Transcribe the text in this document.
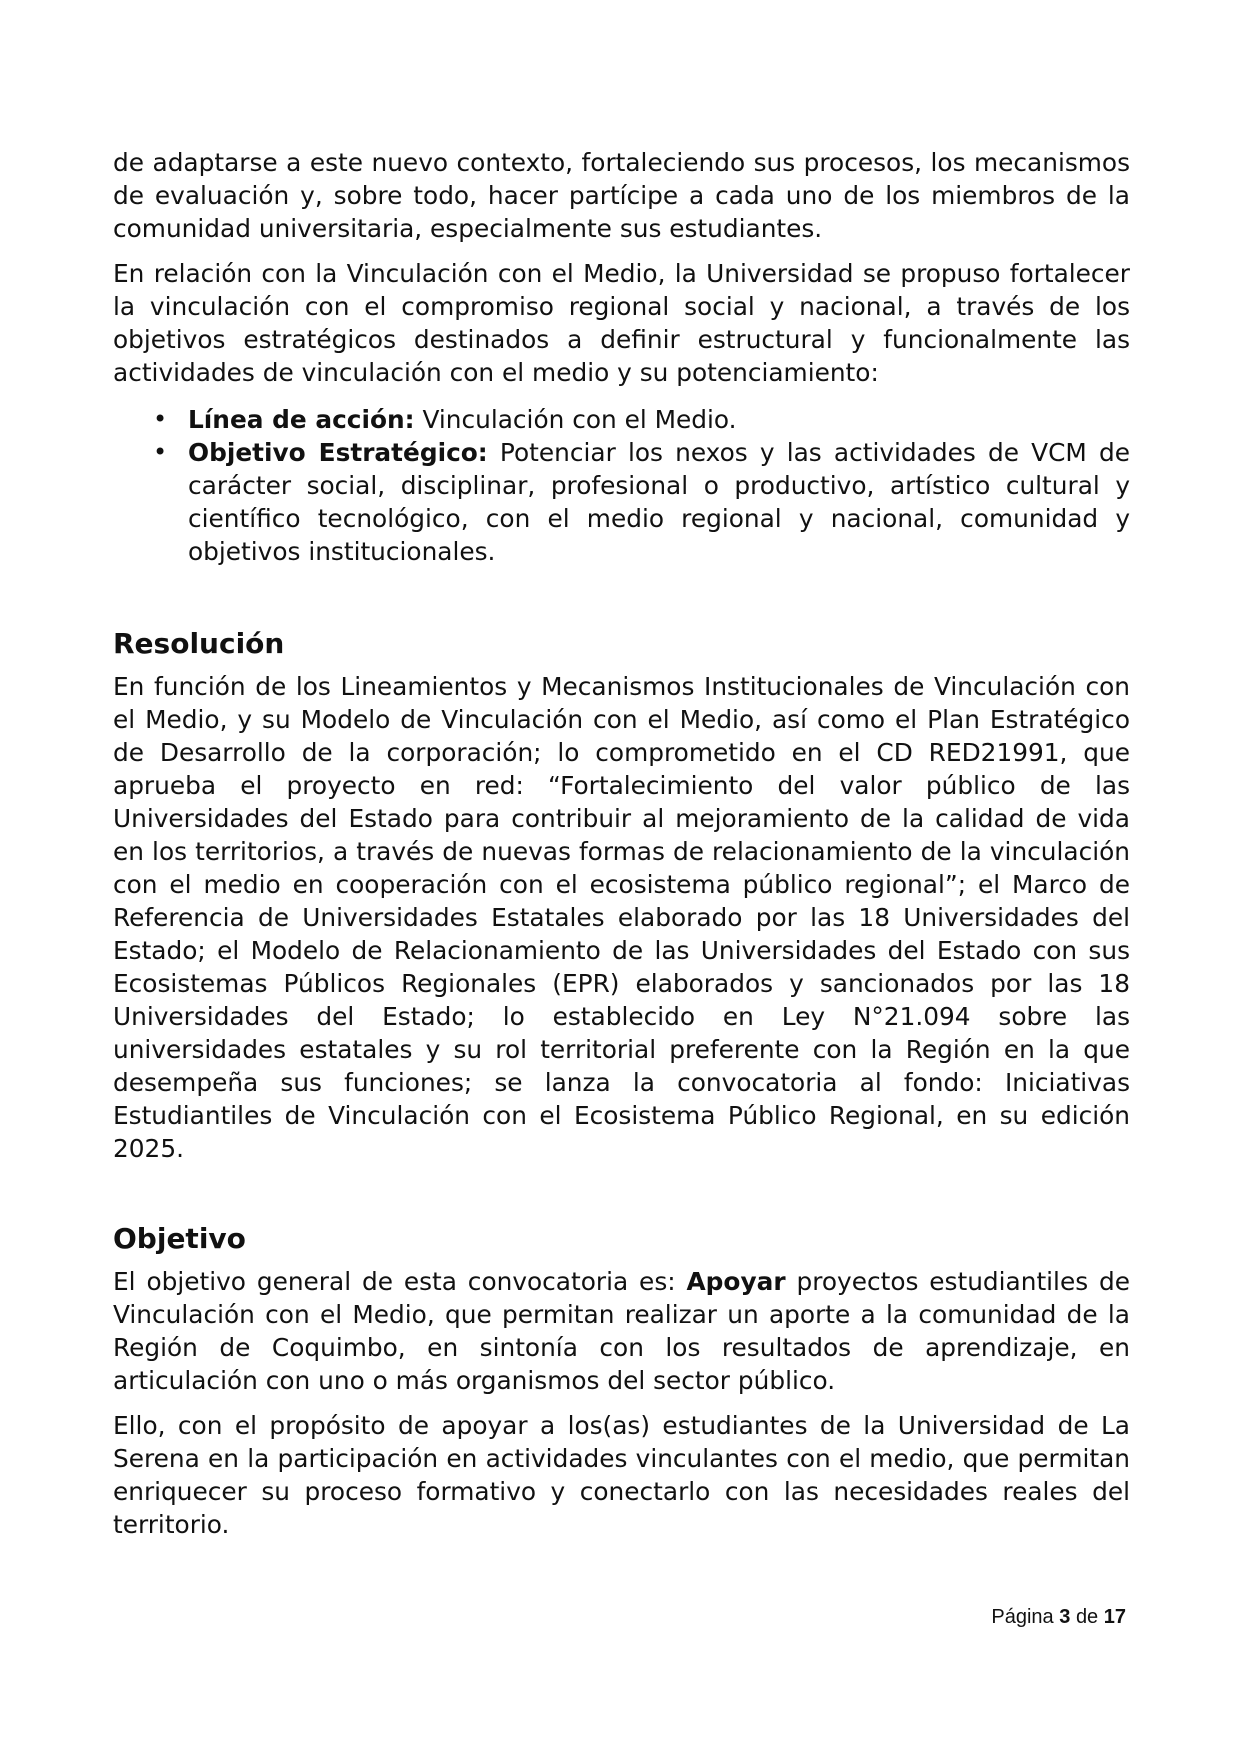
de adaptarse a este nuevo contexto, fortaleciendo sus procesos, los mecanismos de evaluación y, sobre todo, hacer partícipe a cada uno de los miembros de la comunidad universitaria, especialmente sus estudiantes.

En relación con la Vinculación con el Medio, la Universidad se propuso fortalecer la vinculación con el compromiso regional social y nacional, a través de los objetivos estratégicos destinados a definir estructural y funcionalmente las actividades de vinculación con el medio y su potenciamiento:

• Línea de acción: Vinculación con el Medio.
• Objetivo Estratégico: Potenciar los nexos y las actividades de VCM de carácter social, disciplinar, profesional o productivo, artístico cultural y científico tecnológico, con el medio regional y nacional, comunidad y objetivos institucionales.
Resolución

En función de los Lineamientos y Mecanismos Institucionales de Vinculación con el Medio, y su Modelo de Vinculación con el Medio, así como el Plan Estratégico de Desarrollo de la corporación; lo comprometido en el CD RED21991, que aprueba el proyecto en red: “Fortalecimiento del valor público de las Universidades del Estado para contribuir al mejoramiento de la calidad de vida en los territorios, a través de nuevas formas de relacionamiento de la vinculación con el medio en cooperación con el ecosistema público regional”; el Marco de Referencia de Universidades Estatales elaborado por las 18 Universidades del Estado; el Modelo de Relacionamiento de las Universidades del Estado con sus Ecosistemas Públicos Regionales (EPR) elaborados y sancionados por las 18 Universidades del Estado; lo establecido en Ley N°21.094 sobre las universidades estatales y su rol territorial preferente con la Región en la que desempeña sus funciones; se lanza la convocatoria al fondo: Iniciativas Estudiantiles de Vinculación con el Ecosistema Público Regional, en su edición 2025.

Objetivo

El objetivo general de esta convocatoria es: Apoyar proyectos estudiantiles de Vinculación con el Medio, que permitan realizar un aporte a la comunidad de la Región de Coquimbo, en sintonía con los resultados de aprendizaje, en articulación con uno o más organismos del sector público.

Ello, con el propósito de apoyar a los(as) estudiantes de la Universidad de La Serena en la participación en actividades vinculantes con el medio, que permitan enriquecer su proceso formativo y conectarlo con las necesidades reales del territorio.

Página 3 de 17
